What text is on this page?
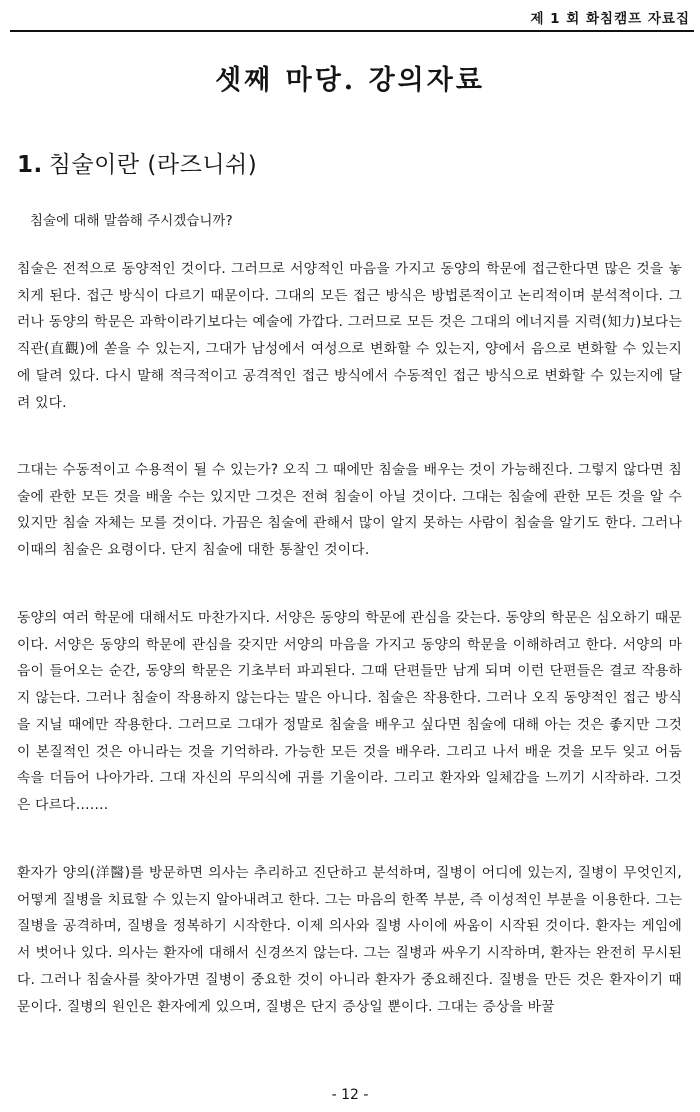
제 1 회 화침캠프 자료집
셋째 마당. 강의자료
1. 침술이란 (라즈니쉬)
침술에 대해 말씀해 주시겠습니까?
침술은 전적으로 동양적인 것이다. 그러므로 서양적인 마음을 가지고 동양의 학문에 접근한다면 많은 것을 놓치게 된다. 접근 방식이 다르기 때문이다. 그대의 모든 접근 방식은 방법론적이고 논리적이며 분석적이다. 그러나 동양의 학문은 과학이라기보다는 예술에 가깝다. 그러므로 모든 것은 그대의 에너지를 지력(知力)보다는 직관(直觀)에 쏟을 수 있는지, 그대가 남성에서 여성으로 변화할 수 있는지, 양에서 음으로 변화할 수 있는지에 달려 있다. 다시 말해 적극적이고 공격적인 접근 방식에서 수동적인 접근 방식으로 변화할 수 있는지에 달려 있다.
그대는 수동적이고 수용적이 될 수 있는가? 오직 그 때에만 침술을 배우는 것이 가능해진다. 그렇지 않다면 침술에 관한 모든 것을 배울 수는 있지만 그것은 전혀 침술이 아닐 것이다. 그대는 침술에 관한 모든 것을 알 수 있지만 침술 자체는 모를 것이다. 가끔은 침술에 관해서 많이 알지 못하는 사람이 침술을 알기도 한다. 그러나 이때의 침술은 요령이다. 단지 침술에 대한 통찰인 것이다.
동양의 여러 학문에 대해서도 마찬가지다. 서양은 동양의 학문에 관심을 갖는다. 동양의 학문은 심오하기 때문이다. 서양은 동양의 학문에 관심을 갖지만 서양의 마음을 가지고 동양의 학문을 이해하려고 한다. 서양의 마음이 들어오는 순간, 동양의 학문은 기초부터 파괴된다. 그때 단편들만 남게 되며 이런 단편들은 결코 작용하지 않는다. 그러나 침술이 작용하지 않는다는 말은 아니다. 침술은 작용한다. 그러나 오직 동양적인 접근 방식을 지닐 때에만 작용한다. 그러므로 그대가 정말로 침술을 배우고 싶다면 침술에 대해 아는 것은 좋지만 그것이 본질적인 것은 아니라는 것을 기억하라. 가능한 모든 것을 배우라. 그리고 나서 배운 것을 모두 잊고 어둠 속을 더듬어 나아가라. 그대 자신의 무의식에 귀를 기울이라. 그리고 환자와 일체감을 느끼기 시작하라. 그것은 다르다…….
환자가 양의(洋醫)를 방문하면 의사는 추리하고 진단하고 분석하며, 질병이 어디에 있는지, 질병이 무엇인지, 어떻게 질병을 치료할 수 있는지 알아내려고 한다. 그는 마음의 한쪽 부분, 즉 이성적인 부분을 이용한다. 그는 질병을 공격하며, 질병을 정복하기 시작한다. 이제 의사와 질병 사이에 싸움이 시작된 것이다. 환자는 게임에서 벗어나 있다. 의사는 환자에 대해서 신경쓰지 않는다. 그는 질병과 싸우기 시작하며, 환자는 완전히 무시된다. 그러나 침술사를 찾아가면 질병이 중요한 것이 아니라 환자가 중요해진다. 질병을 만든 것은 환자이기 때문이다. 질병의 원인은 환자에게 있으며, 질병은 단지 증상일 뿐이다. 그대는 증상을 바꿀
- 12 -
